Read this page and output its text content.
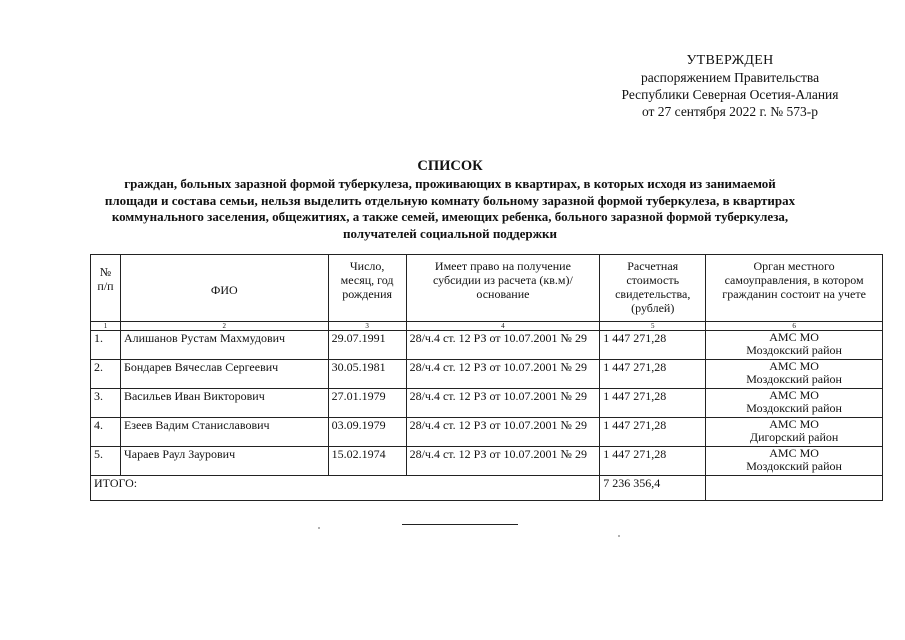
УТВЕРЖДЕН
распоряжением Правительства
Республики Северная Осетия-Алания
от 27 сентября 2022 г. № 573-р
СПИСОК
граждан, больных заразной формой туберкулеза, проживающих в квартирах, в которых исходя из занимаемой
площади и состава семьи, нельзя выделить отдельную комнату больному заразной формой туберкулеза, в квартирах
коммунального заселения, общежитиях, а также семей, имеющих ребенка, больного заразной формой туберкулеза,
получателей социальной поддержки
№ п/п	ФИО	Число, месяц, год рождения	Имеет право на получение субсидии из расчета (кв.м)/основание	Расчетная стоимость свидетельства, (рублей)	Орган местного самоуправления, в котором гражданин состоит на учете
1	2	3	4	5	6
1.	Алишанов Рустам Махмудович	29.07.1991	28/ч.4 ст. 12 РЗ от 10.07.2001 № 29	1 447 271,28	АМС МО
Моздокский район

2.	Бондарев Вячеслав Сергеевич	30.05.1981	28/ч.4 ст. 12 РЗ от 10.07.2001 № 29	1 447 271,28	АМС МО
Моздокский район

3.	Васильев Иван Викторович	27.01.1979	28/ч.4 ст. 12 РЗ от 10.07.2001 № 29	1 447 271,28	АМС МО
Моздокский район

4.	Езеев Вадим Станиславович	03.09.1979	28/ч.4 ст. 12 РЗ от 10.07.2001 № 29	1 447 271,28	АМС МО
Дигорский район

5.	Чараев Раул Заурович	15.02.1974	28/ч.4 ст. 12 РЗ от 10.07.2001 № 29	1 447 271,28	АМС МО
Моздокский район

ИТОГО:				7 236 356,4	
